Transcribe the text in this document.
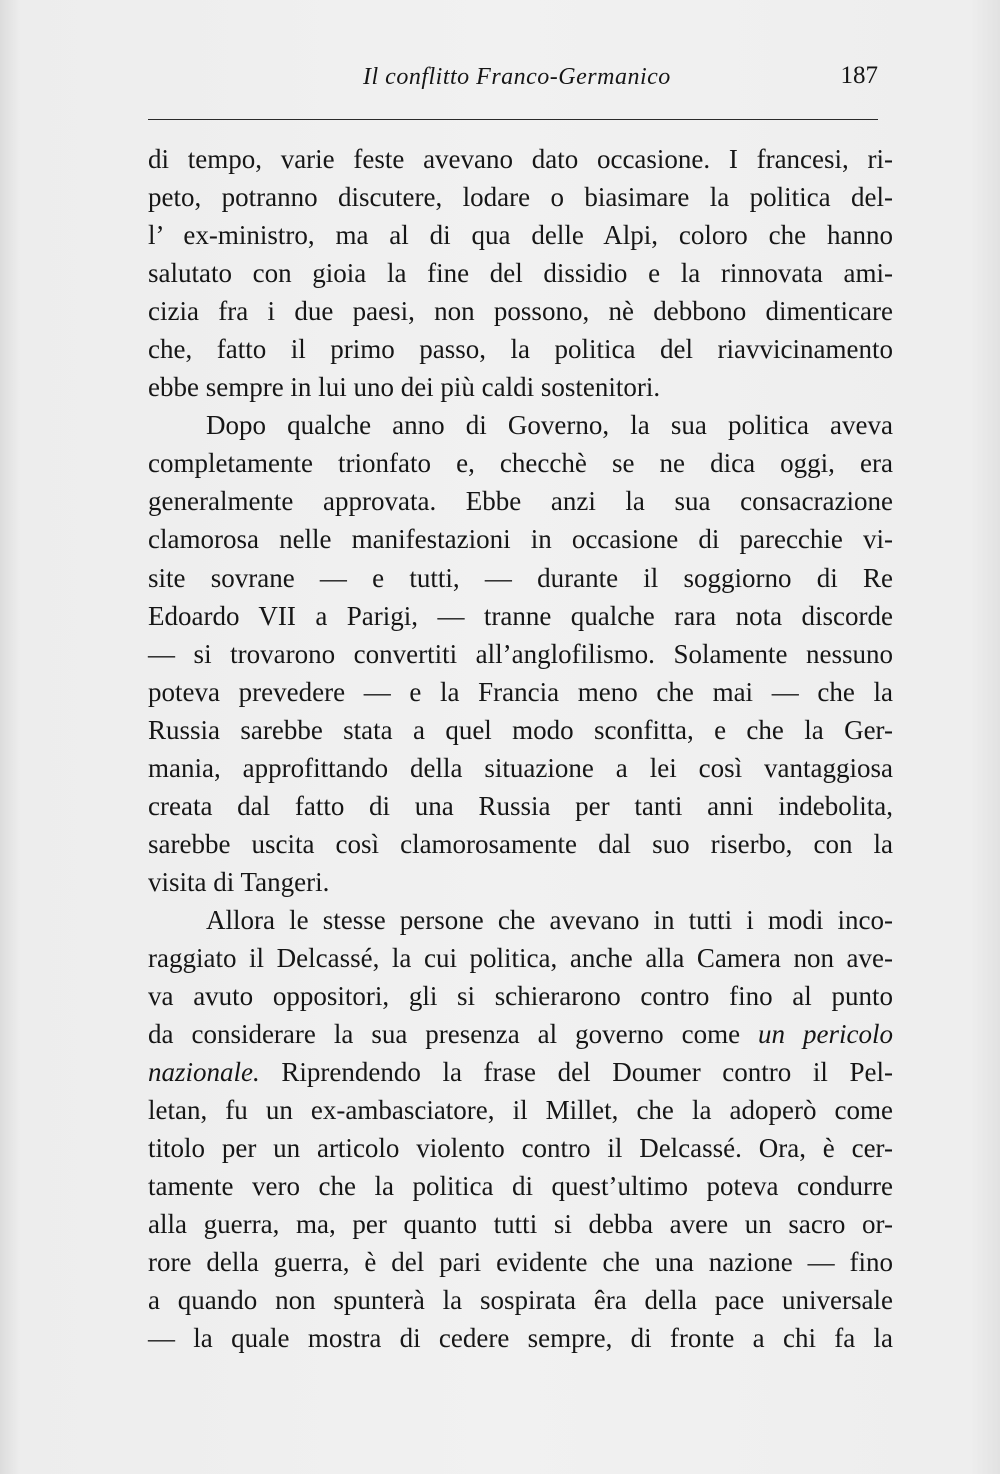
Il conflitto Franco-Germanico	187
di tempo, varie feste avevano dato occasione. I francesi, ri-
peto, potranno discutere, lodare o biasimare la politica del-
l’ ex-ministro, ma al di qua delle Alpi, coloro che hanno
salutato con gioia la fine del dissidio e la rinnovata ami-
cizia fra i due paesi, non possono, nè debbono dimenticare
che, fatto il primo passo, la politica del riavvicinamento
ebbe sempre in lui uno dei più caldi sostenitori.
Dopo qualche anno di Governo, la sua politica aveva
completamente trionfato e, checchè se ne dica oggi, era
generalmente approvata. Ebbe anzi la sua consacrazione
clamorosa nelle manifestazioni in occasione di parecchie vi-
site sovrane — e tutti, — durante il soggiorno di Re
Edoardo VII a Parigi, — tranne qualche rara nota discorde
— si trovarono convertiti all’anglofilismo. Solamente nessuno
poteva prevedere — e la Francia meno che mai — che la
Russia sarebbe stata a quel modo sconfitta, e che la Ger-
mania, approfittando della situazione a lei così vantaggiosa
creata dal fatto di una Russia per tanti anni indebolita,
sarebbe uscita così clamorosamente dal suo riserbo, con la
visita di Tangeri.
Allora le stesse persone che avevano in tutti i modi inco-
raggiato il Delcassé, la cui politica, anche alla Camera non ave-
va avuto oppositori, gli si schierarono contro fino al punto
da considerare la sua presenza al governo come un pericolo
nazionale. Riprendendo la frase del Doumer contro il Pel-
letan, fu un ex-ambasciatore, il Millet, che la adoperò come
titolo per un articolo violento contro il Delcassé. Ora, è cer-
tamente vero che la politica di quest’ultimo poteva condurre
alla guerra, ma, per quanto tutti si debba avere un sacro or-
rore della guerra, è del pari evidente che una nazione — fino
a quando non spunterà la sospirata êra della pace universale
— la quale mostra di cedere sempre, di fronte a chi fa la
